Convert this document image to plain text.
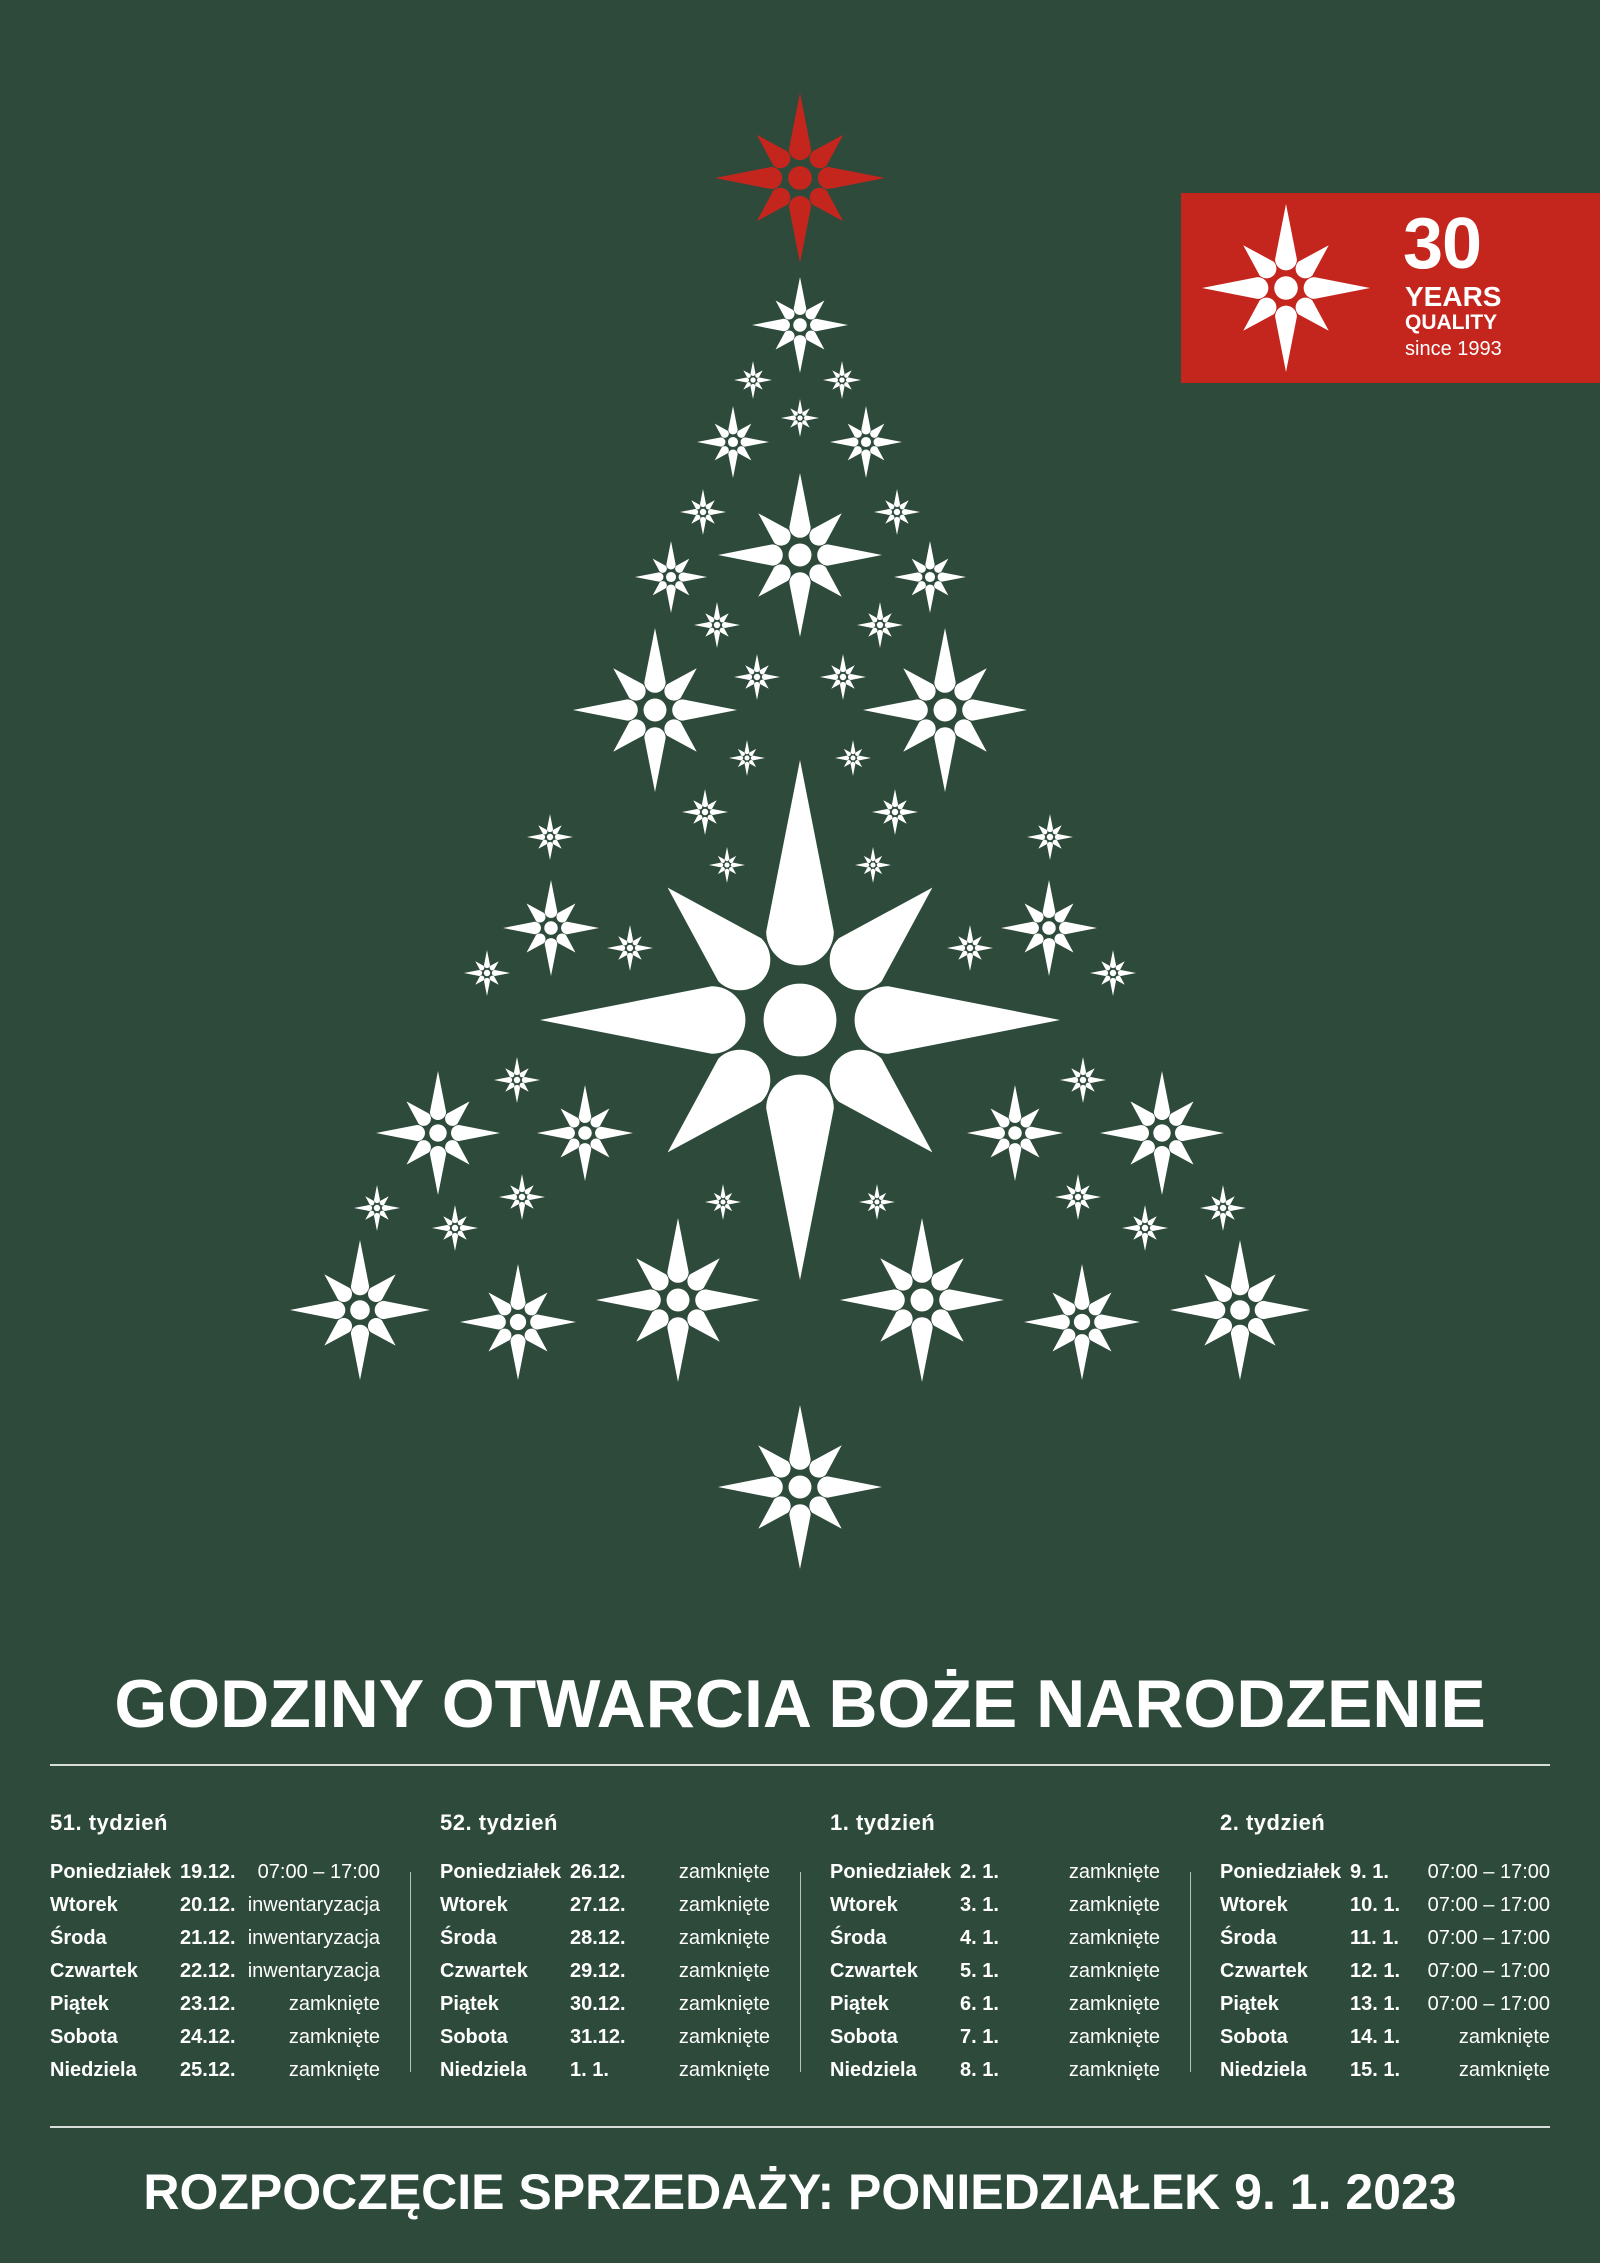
30
YEARS
QUALITY
since 1993
GODZINY OTWARCIA BOŻE NARODZENIE
51. tydzień
Poniedziałek 19.12. 07:00 – 17:00
Wtorek	20.12. inwentaryzacja
Środa	21.12. inwentaryzacja
Czwartek 22.12. inwentaryzacja
Piątek	23.12.	zamknięte
Sobota	24.12.	zamknięte
Niedziela 25.12.	zamknięte
52. tydzień
Poniedziałek 26.12.	zamknięte
Wtorek	27.12.	zamknięte
Środa	28.12.	zamknięte
Czwartek 29.12.	zamknięte
Piątek	30.12.	zamknięte
Sobota	31.12.	zamknięte
Niedziela 1. 1.	zamknięte
1. tydzień
Poniedziałek 2. 1.	zamknięte
Wtorek	3. 1.	zamknięte
Środa	4. 1.	zamknięte
Czwartek 5. 1.	zamknięte
Piątek	6. 1.	zamknięte
Sobota	7. 1.	zamknięte
Niedziela 8. 1.	zamknięte
2. tydzień
Poniedziałek 9. 1. 07:00 – 17:00
Wtorek	10. 1. 07:00 – 17:00
Środa	11. 1. 07:00 – 17:00
Czwartek 12. 1. 07:00 – 17:00
Piątek	13. 1. 07:00 – 17:00
Sobota	14. 1.	zamknięte
Niedziela 15. 1.	zamknięte
ROZPOCZĘCIE SPRZEDAŻY: PONIEDZIAŁEK 9. 1. 2023
